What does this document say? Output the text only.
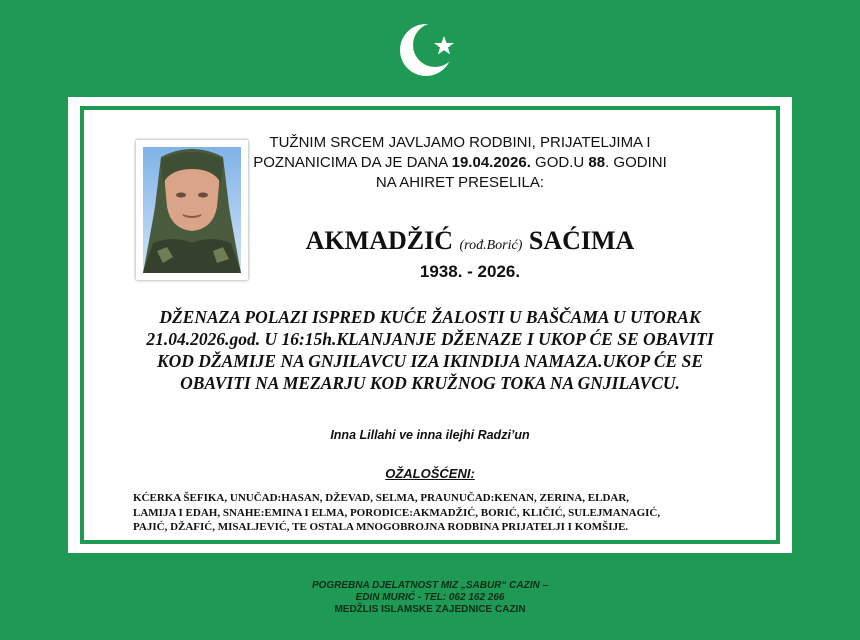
TUŽNIM SRCEM JAVLJAMO RODBINI, PRIJATELJIMA I
POZNANICIMA DA JE DANA 19.04.2026. GOD.U 88. GODINI
NA AHIRET PRESELILA:
AKMADŽIĆ (rođ.Borić) SAĆIMA
1938. - 2026.

DŽENAZA POLAZI ISPRED KUĆE ŽALOSTI U BAŠČAMA U UTORAK
21.04.2026.god. U 16:15h.KLANJANJE DŽENAZE I UKOP ĆE SE OBAVITI
KOD DŽAMIJE NA GNJILAVCU IZA IKINDIJA NAMAZA.UKOP ĆE SE
OBAVITI NA MEZARJU KOD KRUŽNOG TOKA NA GNJILAVCU.

Inna Lillahi ve inna ilejhi Radzi’un
OŽALOŠĆENI:
KĆERKA ŠEFIKA, UNUČAD:HASAN, DŽEVAD, SELMA, PRAUNUČAD:KENAN, ZERINA, ELDAR,
LAMIJA I EDAH, SNAHE:EMINA I ELMA, PORODICE:AKMADŽIĆ, BORIĆ, KLIČIĆ, SULEJMANAGIĆ,
PAJIĆ, DŽAFIĆ, MISALJEVIĆ, TE OSTALA MNOGOBROJNA RODBINA PRIJATELJI I KOMŠIJE.
POGREBNA DJELATNOST MIZ „SABUR“ CAZIN –
EDIN MURIĆ - TEL: 062 162 266
MEDŽLIS ISLAMSKE ZAJEDNICE CAZIN
